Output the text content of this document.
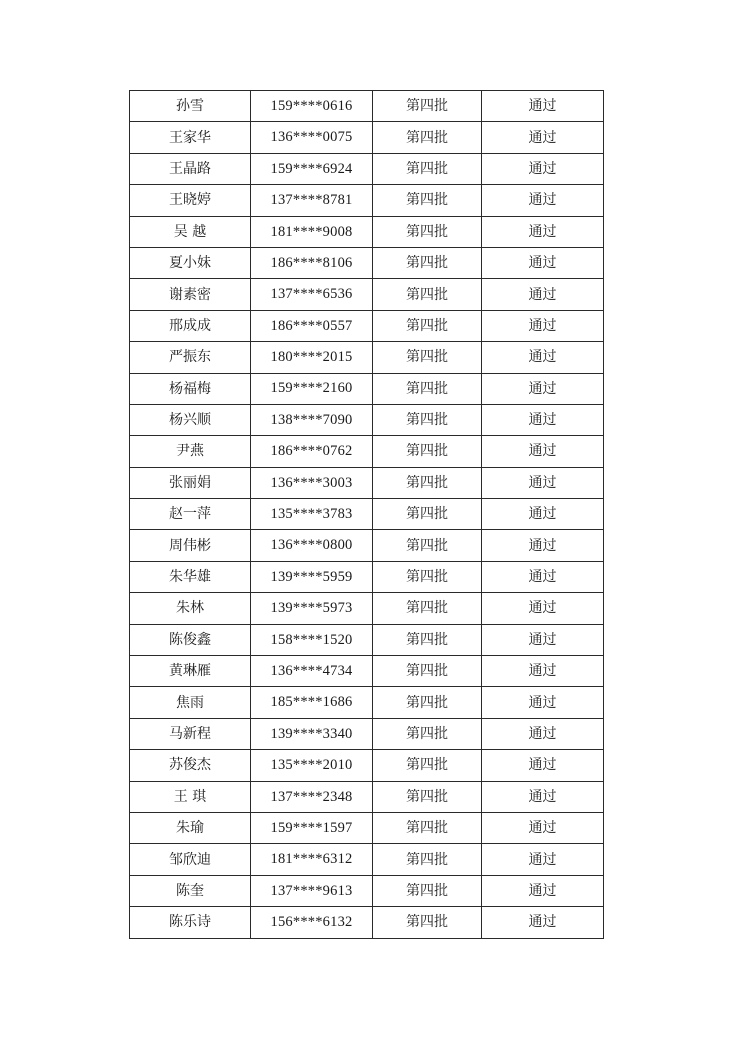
孙雪	159****0616	第四批	通过
王家华	136****0075	第四批	通过
王晶路	159****6924	第四批	通过
王晓婷	137****8781	第四批	通过
吴 越	181****9008	第四批	通过
夏小妹	186****8106	第四批	通过
谢素密	137****6536	第四批	通过
邢成成	186****0557	第四批	通过
严振东	180****2015	第四批	通过
杨福梅	159****2160	第四批	通过
杨兴顺	138****7090	第四批	通过
尹燕	186****0762	第四批	通过
张丽娟	136****3003	第四批	通过
赵一萍	135****3783	第四批	通过
周伟彬	136****0800	第四批	通过
朱华雄	139****5959	第四批	通过
朱林	139****5973	第四批	通过
陈俊鑫	158****1520	第四批	通过
黄琳雁	136****4734	第四批	通过
焦雨	185****1686	第四批	通过
马新程	139****3340	第四批	通过
苏俊杰	135****2010	第四批	通过
王 琪	137****2348	第四批	通过
朱瑜	159****1597	第四批	通过
邹欣迪	181****6312	第四批	通过
陈奎	137****9613	第四批	通过
陈乐诗	156****6132	第四批	通过
